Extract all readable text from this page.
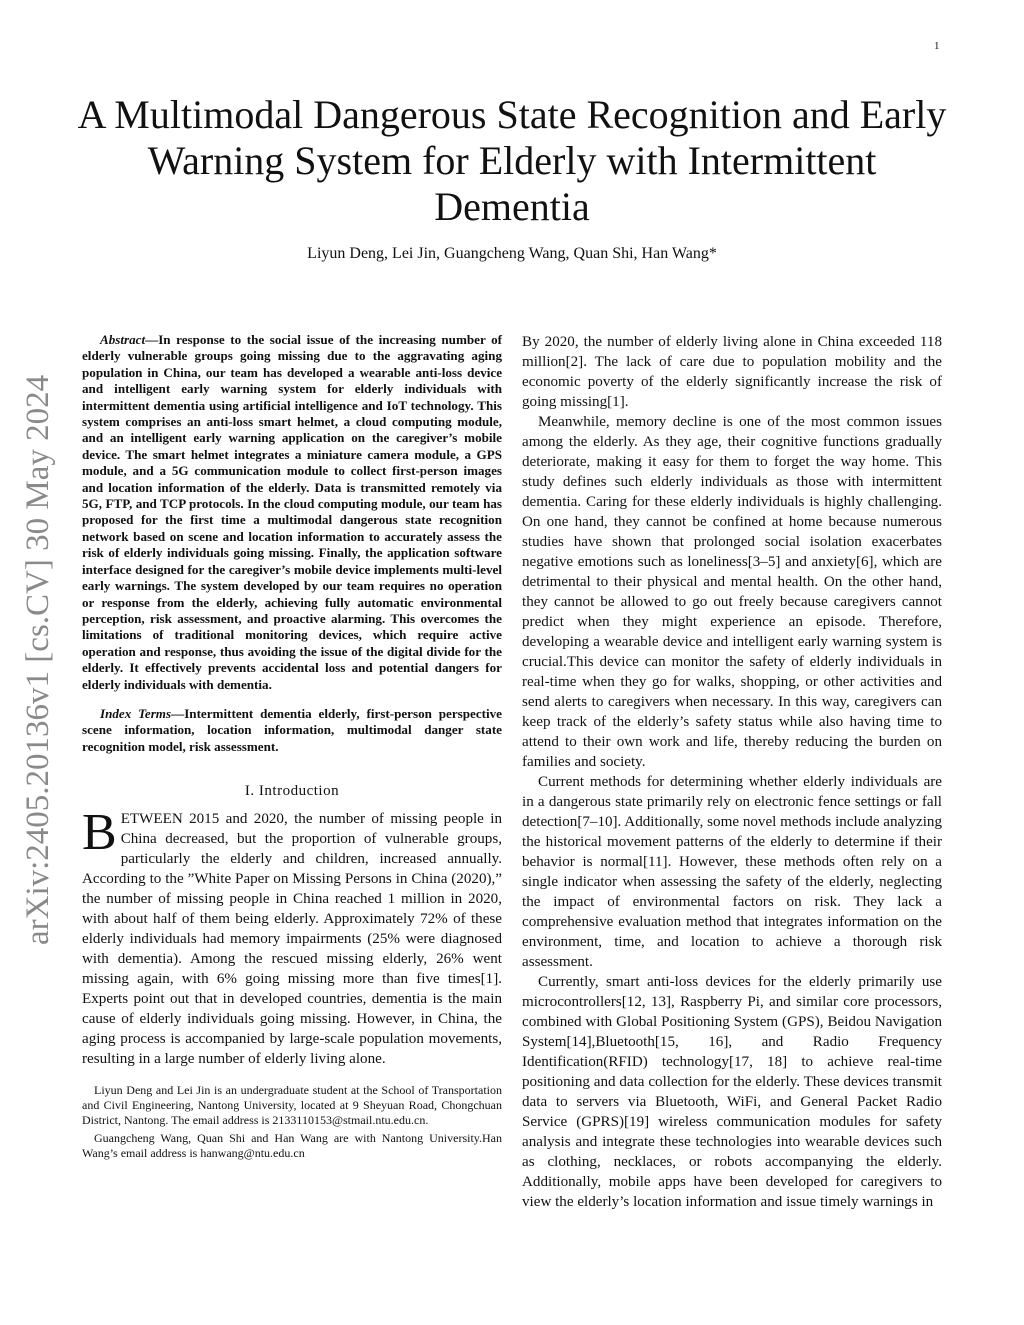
1
arXiv:2405.20136v1 [cs.CV] 30 May 2024
A Multimodal Dangerous State Recognition and Early Warning System for Elderly with Intermittent Dementia
Liyun Deng, Lei Jin, Guangcheng Wang, Quan Shi, Han Wang*

Abstract—In response to the social issue of the increasing number of elderly vulnerable groups going missing due to the aggravating aging population in China, our team has developed a wearable anti-loss device and intelligent early warning system for elderly individuals with intermittent dementia using artificial intelligence and IoT technology. This system comprises an anti-loss smart helmet, a cloud computing module, and an intelligent early warning application on the caregiver’s mobile device. The smart helmet integrates a miniature camera module, a GPS module, and a 5G communication module to collect first-person images and location information of the elderly. Data is transmitted remotely via 5G, FTP, and TCP protocols. In the cloud computing module, our team has proposed for the first time a multimodal dangerous state recognition network based on scene and location information to accurately assess the risk of elderly individuals going missing. Finally, the application software interface designed for the caregiver’s mobile device implements multi-level early warnings. The system developed by our team requires no operation or response from the elderly, achieving fully automatic environmental perception, risk assessment, and proactive alarming. This overcomes the limitations of traditional monitoring devices, which require active operation and response, thus avoiding the issue of the digital divide for the elderly. It effectively prevents accidental loss and potential dangers for elderly individuals with dementia.

Index Terms—Intermittent dementia elderly, first-person perspective scene information, location information, multimodal danger state recognition model, risk assessment.

I. Introduction

BETWEEN 2015 and 2020, the number of missing people in China decreased, but the proportion of vulnerable groups, particularly the elderly and children, increased annually. According to the ”White Paper on Missing Persons in China (2020),” the number of missing people in China reached 1 million in 2020, with about half of them being elderly. Approximately 72% of these elderly individuals had memory impairments (25% were diagnosed with dementia). Among the rescued missing elderly, 26% went missing again, with 6% going missing more than five times[1]. Experts point out that in developed countries, dementia is the main cause of elderly individuals going missing. However, in China, the aging process is accompanied by large-scale population movements, resulting in a large number of elderly living alone.

Liyun Deng and Lei Jin is an undergraduate student at the School of Transportation and Civil Engineering, Nantong University, located at 9 Sheyuan Road, Chongchuan District, Nantong. The email address is 2133110153@stmail.ntu.edu.cn.

Guangcheng Wang, Quan Shi and Han Wang are with Nantong University.Han Wang’s email address is hanwang@ntu.edu.cn

By 2020, the number of elderly living alone in China exceeded 118 million[2]. The lack of care due to population mobility and the economic poverty of the elderly significantly increase the risk of going missing[1].

Meanwhile, memory decline is one of the most common issues among the elderly. As they age, their cognitive functions gradually deteriorate, making it easy for them to forget the way home. This study defines such elderly individuals as those with intermittent dementia. Caring for these elderly individuals is highly challenging. On one hand, they cannot be confined at home because numerous studies have shown that prolonged social isolation exacerbates negative emotions such as loneliness[3–5] and anxiety[6], which are detrimental to their physical and mental health. On the other hand, they cannot be allowed to go out freely because caregivers cannot predict when they might experience an episode. Therefore, developing a wearable device and intelligent early warning system is crucial.This device can monitor the safety of elderly individuals in real-time when they go for walks, shopping, or other activities and send alerts to caregivers when necessary. In this way, caregivers can keep track of the elderly’s safety status while also having time to attend to their own work and life, thereby reducing the burden on families and society.

Current methods for determining whether elderly individuals are in a dangerous state primarily rely on electronic fence settings or fall detection[7–10]. Additionally, some novel methods include analyzing the historical movement patterns of the elderly to determine if their behavior is normal[11]. However, these methods often rely on a single indicator when assessing the safety of the elderly, neglecting the impact of environmental factors on risk. They lack a comprehensive evaluation method that integrates information on the environment, time, and location to achieve a thorough risk assessment.

Currently, smart anti-loss devices for the elderly primarily use microcontrollers[12, 13], Raspberry Pi, and similar core processors, combined with Global Positioning System (GPS), Beidou Navigation System[14],Bluetooth[15, 16], and Radio Frequency Identification(RFID) technology[17, 18] to achieve real-time positioning and data collection for the elderly. These devices transmit data to servers via Bluetooth, WiFi, and General Packet Radio Service (GPRS)[19] wireless communication modules for safety analysis and integrate these technologies into wearable devices such as clothing, necklaces, or robots accompanying the elderly. Additionally, mobile apps have been developed for caregivers to view the elderly’s location information and issue timely warnings in
